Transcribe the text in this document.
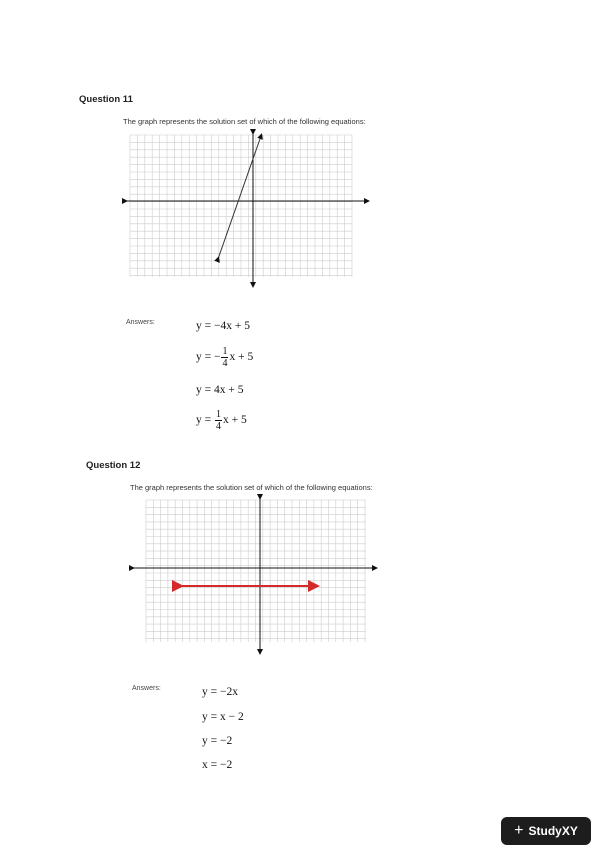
Question 11
The graph represents the solution set of which of the following equations:
Answers:	y = −4x + 5
y = − $\frac{1}{4}$ x + 5
y = 4x + 5
$y = \frac{1}{4}$ x + 5
Question 12
The graph represents the solution set of which of the following equations:
Answers:	y = −2x
y = x − 2
y = −2
x = −2
+ StudyXY
